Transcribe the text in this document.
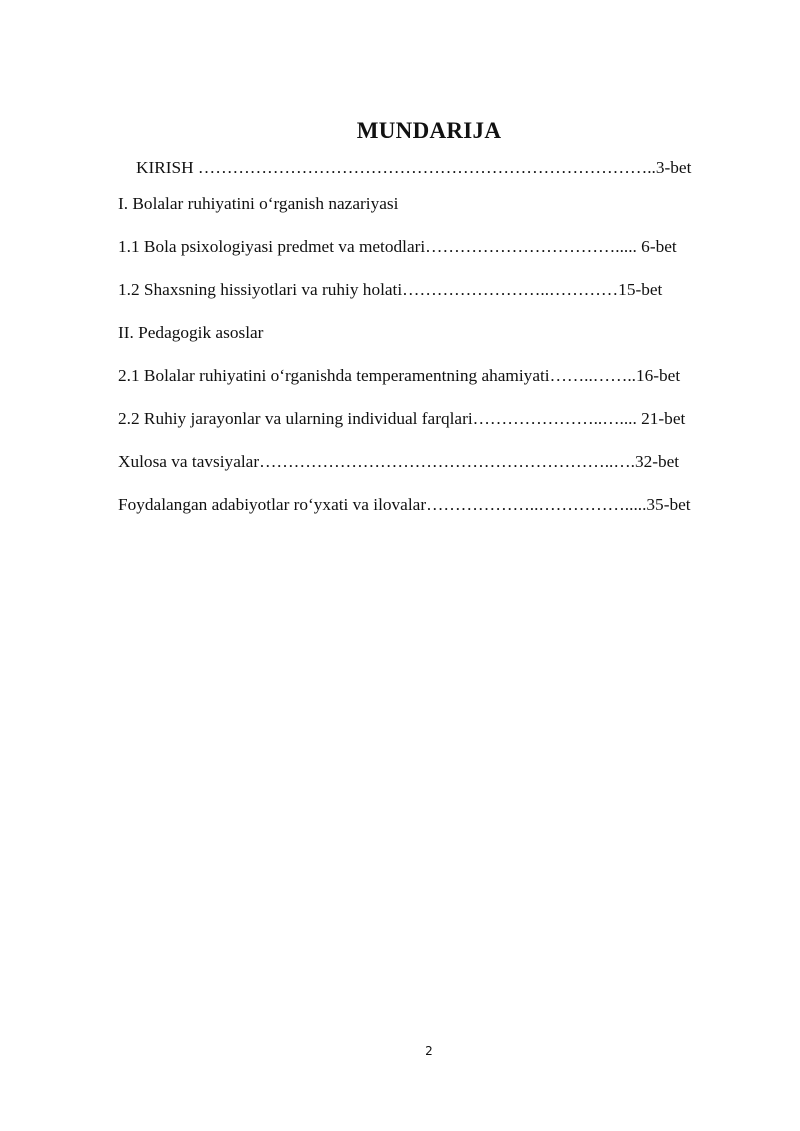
MUNDARIJA
KIRISH ……………………………………………………………………..3-bet
I. Bolalar ruhiyatini o‘rganish nazariyasi
1.1 Bola psixologiyasi predmet va metodlari……………………………..... 6-bet
1.2 Shaxsning hissiyotlari va ruhiy holati……………………..…………15-bet
II. Pedagogik asoslar
2.1 Bolalar ruhiyatini o‘rganishda temperamentning ahamiyati……..……..16-bet
2.2 Ruhiy jarayonlar va ularning individual farqlari…………………..….... 21-bet
Xulosa va tavsiyalar……………………………………………………..….32-bet
Foydalangan adabiyotlar ro‘yxati va ilovalar………………..…………….....35-bet
2
